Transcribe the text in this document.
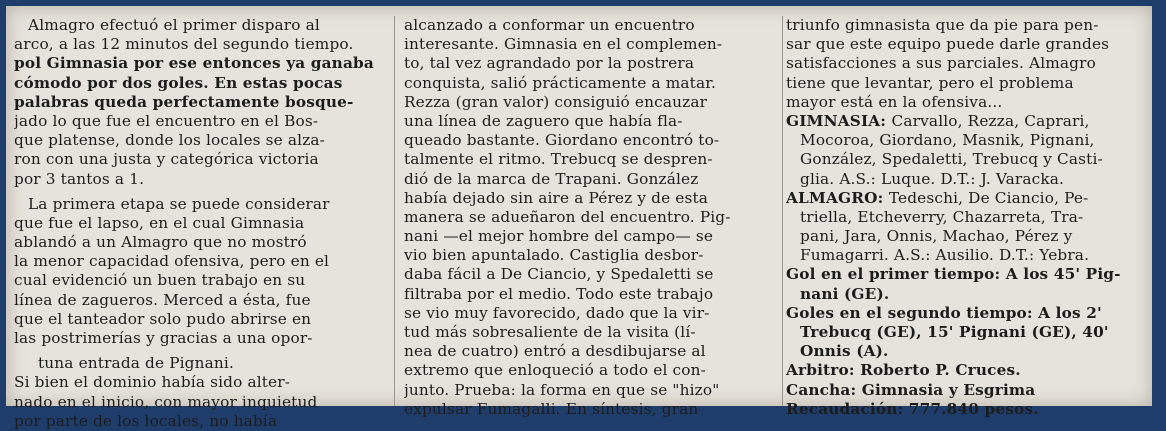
Almagro efectuó el primer disparo al
arco, a las 12 minutos del segundo tiempo.
pol Gimnasia por ese entonces ya ganaba
cómodo por dos goles. En estas pocas
palabras queda perfectamente bosque-
jado lo que fue el encuentro en el Bos-
que platense, donde los locales se alza-
ron con una justa y categórica victoria
por 3 tantos a 1.
La primera etapa se puede considerar
que fue el lapso, en el cual Gimnasia
ablandó a un Almagro que no mostró
la menor capacidad ofensiva, pero en el
cual evidenció un buen trabajo en su
línea de zagueros. Merced a ésta, fue
que el tanteador solo pudo abrirse en
las postrimerías y gracias a una opor-
tuna entrada de Pignani.
Si bien el dominio había sido alter-
nado en el inicio, con mayor inquietud
por parte de los locales, no había
alcanzado a conformar un encuentro
interesante. Gimnasia en el complemen-
to, tal vez agrandado por la postrera
conquista, salió prácticamente a matar.
Rezza (gran valor) consiguió encauzar
una línea de zaguero que había fla-
queado bastante. Giordano encontró to-
talmente el ritmo. Trebucq se despren-
dió de la marca de Trapani. González
había dejado sin aire a Pérez y de esta
manera se adueñaron del encuentro. Pig-
nani —el mejor hombre del campo— se
vio bien apuntalado. Castiglia desbor-
daba fácil a De Ciancio, y Spedaletti se
filtraba por el medio. Todo este trabajo
se vio muy favorecido, dado que la vir-
tud más sobresaliente de la visita (lí-
nea de cuatro) entró a desdibujarse al
extremo que enloqueció a todo el con-
junto. Prueba: la forma en que se "hizo"
expulsar Fumagalli. En síntesis, gran
triunfo gimnasista que da pie para pen-
sar que este equipo puede darle grandes
satisfacciones a sus parciales. Almagro
tiene que levantar, pero el problema
mayor está en la ofensiva...
GIMNASIA: Carvallo, Rezza, Caprari,
Mocoroa, Giordano, Masnik, Pignani,
González, Spedaletti, Trebucq y Casti-
glia. A.S.: Luque. D.T.: J. Varacka.
ALMAGRO: Tedeschi, De Ciancio, Pe-
triella, Etcheverry, Chazarreta, Tra-
pani, Jara, Onnis, Machao, Pérez y
Fumagarri. A.S.: Ausilio. D.T.: Yebra.
Gol en el primer tiempo: A los 45' Pig-
nani (GE).
Goles en el segundo tiempo: A los 2'
Trebucq (GE), 15' Pignani (GE), 40'
Onnis (A).
Arbitro: Roberto P. Cruces.
Cancha: Gimnasia y Esgrima
Recaudación: 777.840 pesos.
